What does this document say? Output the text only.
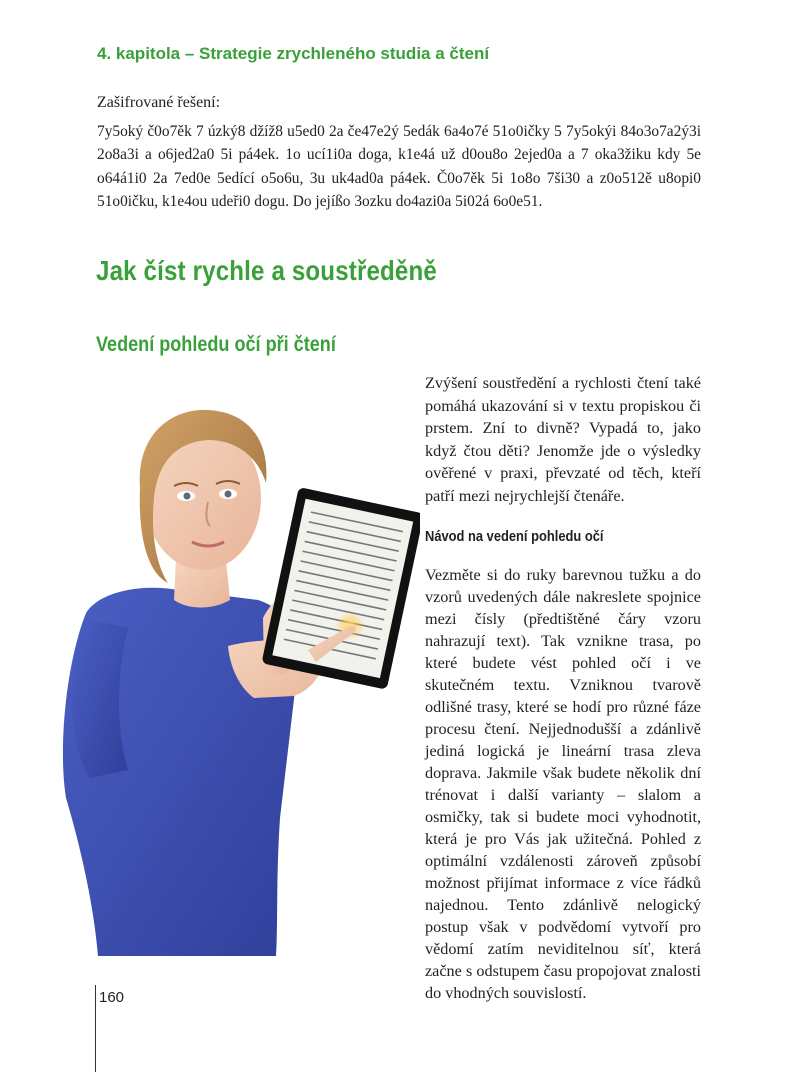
4. kapitola – Strategie zrychleného studia a čtení
Zašifrované řešení:

7y5oký č0o7ěk 7 úzký8 džíž8 u5ed0 2a če47e2ý 5edák 6a4o7é 51o0ičky 5 7y5okýi 84o3o7a2ý3i 2o8a3i a o6jed2a0 5i pá4ek. 1o ucí1i0a doga, k1e4á už d0ou8o 2ejed0a a 7 oka3žiku kdy 5e o64á1i0 2a 7ed0e 5edící o5o6u, 3u uk4ad0a pá4ek. Č0o7ěk 5i 1o8o 7ši30 a z0o512ě u8opi0 51o0ičku, k1e4ou udeři0 dogu. Do jejíßo 3ozku do4azi0a 5i02á 6o0e51.

Jak číst rychle a soustředěně
Vedení pohledu očí při čtení

Zvýšení soustředění a rychlosti čtení také pomáhá ukazování si v textu propiskou či prstem. Zní to divně? Vypadá to, jako když čtou děti? Jenomže jde o výsledky ověřené v praxi, převzaté od těch, kteří patří mezi nejrychlejší čtenáře.

Návod na vedení pohledu očí

Vezměte si do ruky barevnou tužku a do vzorů uvedených dále nakreslete spojnice mezi čísly (předtištěné čáry vzoru nahrazují text). Tak vznikne trasa, po které budete vést pohled očí i ve skutečném textu. Vzniknou tvarově odlišné trasy, které se hodí pro různé fáze procesu čtení. Nejjednodušší a zdánlivě jediná logická je lineární trasa zleva doprava. Jakmile však budete několik dní trénovat i další varianty – slalom a osmičky, tak si budete moci vyhodnotit, která je pro Vás jak užitečná. Pohled z optimální vzdálenosti zároveň způsobí možnost přijímat informace z více řádků najednou. Tento zdánlivě nelogický postup však v podvědomí vytvoří pro vědomí zatím neviditelnou síť, která začne s odstupem času propojovat znalosti do vhodných souvislostí.

160
